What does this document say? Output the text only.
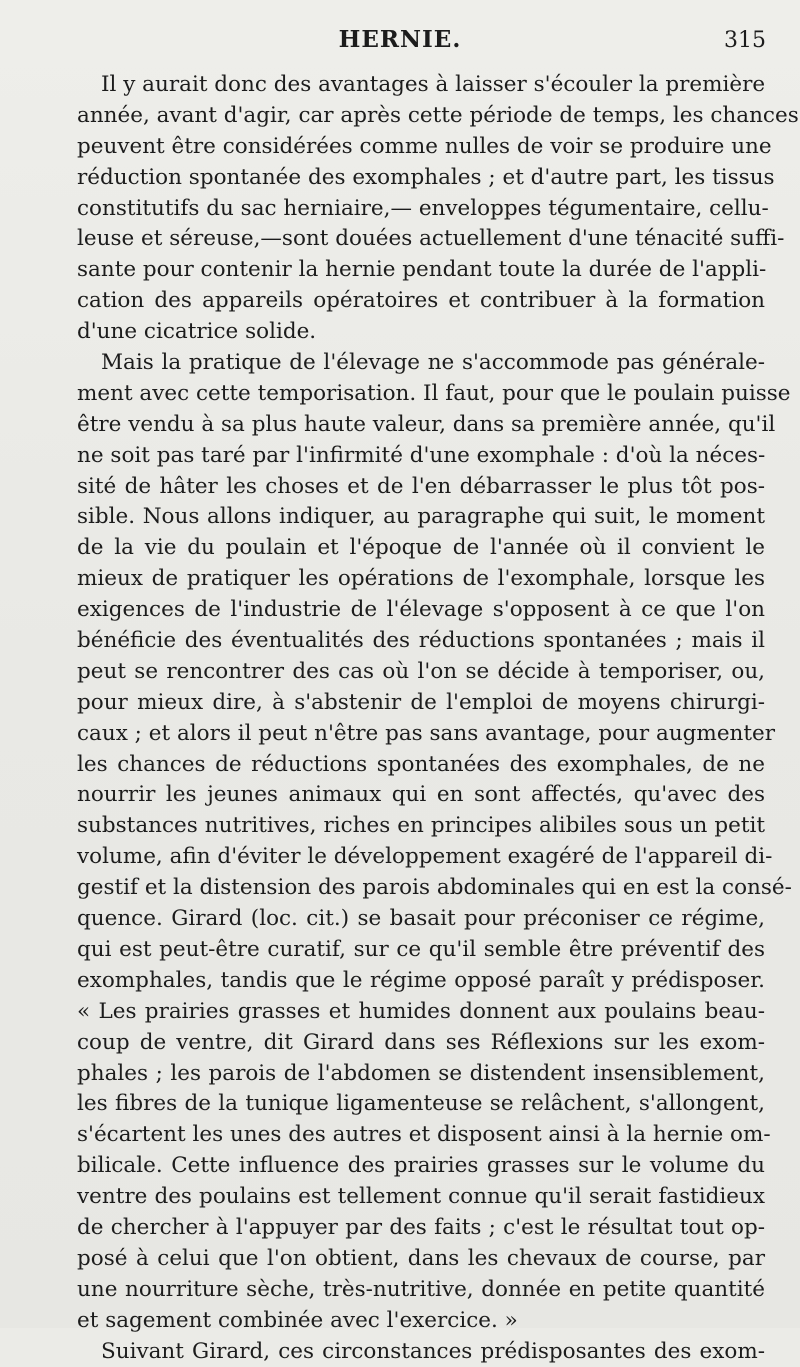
HERNIE.	315
Il y aurait donc des avantages à laisser s'écouler la première
année, avant d'agir, car après cette période de temps, les chances
peuvent être considérées comme nulles de voir se produire une
réduction spontanée des exomphales ; et d'autre part, les tissus
constitutifs du sac herniaire,— enveloppes tégumentaire, cellu-
leuse et séreuse,—sont douées actuellement d'une ténacité suffi-
sante pour contenir la hernie pendant toute la durée de l'appli-
cation des appareils opératoires et contribuer à la formation
d'une cicatrice solide.
Mais la pratique de l'élevage ne s'accommode pas générale-
ment avec cette temporisation. Il faut, pour que le poulain puisse
être vendu à sa plus haute valeur, dans sa première année, qu'il
ne soit pas taré par l'infirmité d'une exomphale : d'où la néces-
sité de hâter les choses et de l'en débarrasser le plus tôt pos-
sible. Nous allons indiquer, au paragraphe qui suit, le moment
de la vie du poulain et l'époque de l'année où il convient le
mieux de pratiquer les opérations de l'exomphale, lorsque les
exigences de l'industrie de l'élevage s'opposent à ce que l'on
bénéficie des éventualités des réductions spontanées ; mais il
peut se rencontrer des cas où l'on se décide à temporiser, ou,
pour mieux dire, à s'abstenir de l'emploi de moyens chirurgi-
caux ; et alors il peut n'être pas sans avantage, pour augmenter
les chances de réductions spontanées des exomphales, de ne
nourrir les jeunes animaux qui en sont affectés, qu'avec des
substances nutritives, riches en principes alibiles sous un petit
volume, afin d'éviter le développement exagéré de l'appareil di-
gestif et la distension des parois abdominales qui en est la consé-
quence. Girard (loc. cit.) se basait pour préconiser ce régime,
qui est peut-être curatif, sur ce qu'il semble être préventif des
exomphales, tandis que le régime opposé paraît y prédisposer.
« Les prairies grasses et humides donnent aux poulains beau-
coup de ventre, dit Girard dans ses Réflexions sur les exom-
phales ; les parois de l'abdomen se distendent insensiblement,
les fibres de la tunique ligamenteuse se relâchent, s'allongent,
s'écartent les unes des autres et disposent ainsi à la hernie om-
bilicale. Cette influence des prairies grasses sur le volume du
ventre des poulains est tellement connue qu'il serait fastidieux
de chercher à l'appuyer par des faits ; c'est le résultat tout op-
posé à celui que l'on obtient, dans les chevaux de course, par
une nourriture sèche, très-nutritive, donnée en petite quantité
et sagement combinée avec l'exercice. »
Suivant Girard, ces circonstances prédisposantes des exom-
